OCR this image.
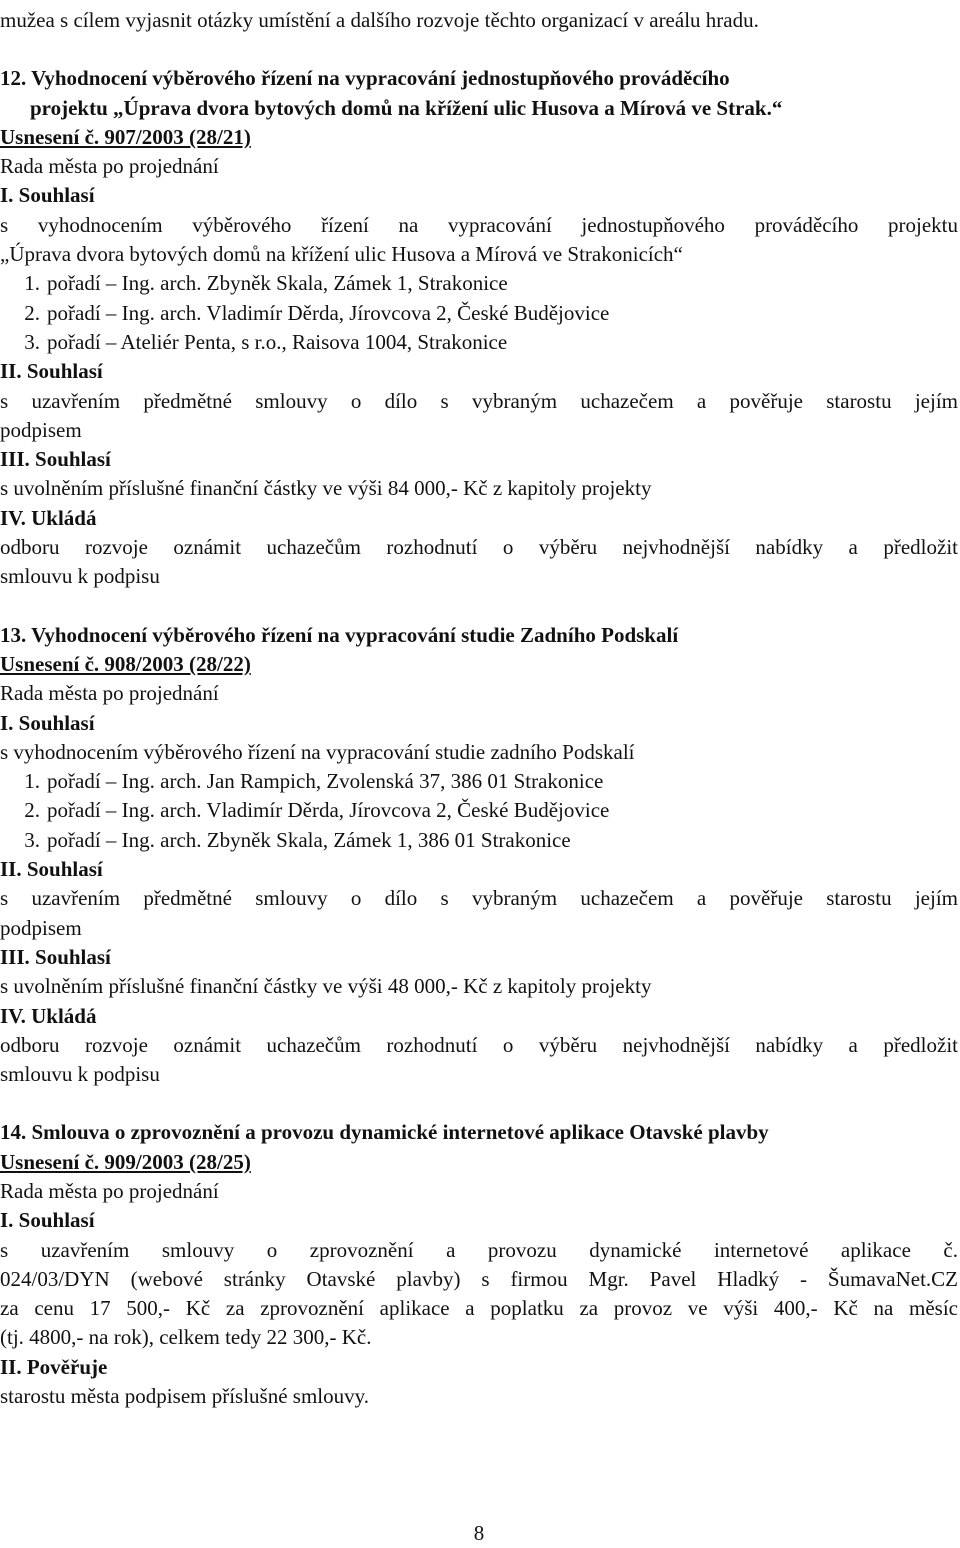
mužea s cílem vyjasnit otázky umístění a dalšího rozvoje těchto organizací v areálu hradu.

12. Vyhodnocení výběrového řízení na vypracování jednostupňového prováděcího

projektu „Úprava dvora bytových domů na křížení ulic Husova a Mírová ve Strak.“

Usnesení č. 907/2003 (28/21)

Rada města po projednání

I. Souhlasí

s vyhodnocením výběrového řízení na vypracování jednostupňového prováděcího projektu

„Úprava dvora bytových domů na křížení ulic Husova a Mírová ve Strakonicích“

1. pořadí – Ing. arch. Zbyněk Skala, Zámek 1, Strakonice
2. pořadí – Ing. arch. Vladimír Děrda, Jírovcova 2, České Budějovice
3. pořadí – Ateliér Penta, s r.o., Raisova 1004, Strakonice

II. Souhlasí

s uzavřením předmětné smlouvy o dílo s vybraným uchazečem a pověřuje starostu jejím

podpisem

III. Souhlasí

s uvolněním příslušné finanční částky ve výši 84 000,- Kč z kapitoly projekty

IV. Ukládá

odboru rozvoje oznámit uchazečům rozhodnutí o výběru nejvhodnější nabídky a předložit

smlouvu k podpisu

13. Vyhodnocení výběrového řízení na vypracování studie Zadního Podskalí

Usnesení č. 908/2003 (28/22)

Rada města po projednání

I. Souhlasí

s vyhodnocením výběrového řízení na vypracování studie zadního Podskalí

1. pořadí – Ing. arch. Jan Rampich, Zvolenská 37, 386 01 Strakonice
2. pořadí – Ing. arch. Vladimír Děrda, Jírovcova 2, České Budějovice
3. pořadí – Ing. arch. Zbyněk Skala, Zámek 1, 386 01 Strakonice

II. Souhlasí

s uzavřením předmětné smlouvy o dílo s vybraným uchazečem a pověřuje starostu jejím

podpisem

III. Souhlasí

s uvolněním příslušné finanční částky ve výši 48 000,- Kč z kapitoly projekty

IV. Ukládá

odboru rozvoje oznámit uchazečům rozhodnutí o výběru nejvhodnější nabídky a předložit

smlouvu k podpisu

14. Smlouva o zprovoznění a provozu dynamické internetové aplikace Otavské plavby

Usnesení č. 909/2003 (28/25)

Rada města po projednání

I. Souhlasí

s uzavřením smlouvy o zprovoznění a provozu dynamické internetové aplikace č.

024/03/DYN (webové stránky Otavské plavby) s firmou Mgr. Pavel Hladký - ŠumavaNet.CZ

za cenu 17 500,- Kč za zprovoznění aplikace a poplatku za provoz ve výši 400,- Kč na měsíc

(tj. 4800,- na rok), celkem tedy 22 300,- Kč.

II. Pověřuje

starostu města podpisem příslušné smlouvy.

8
